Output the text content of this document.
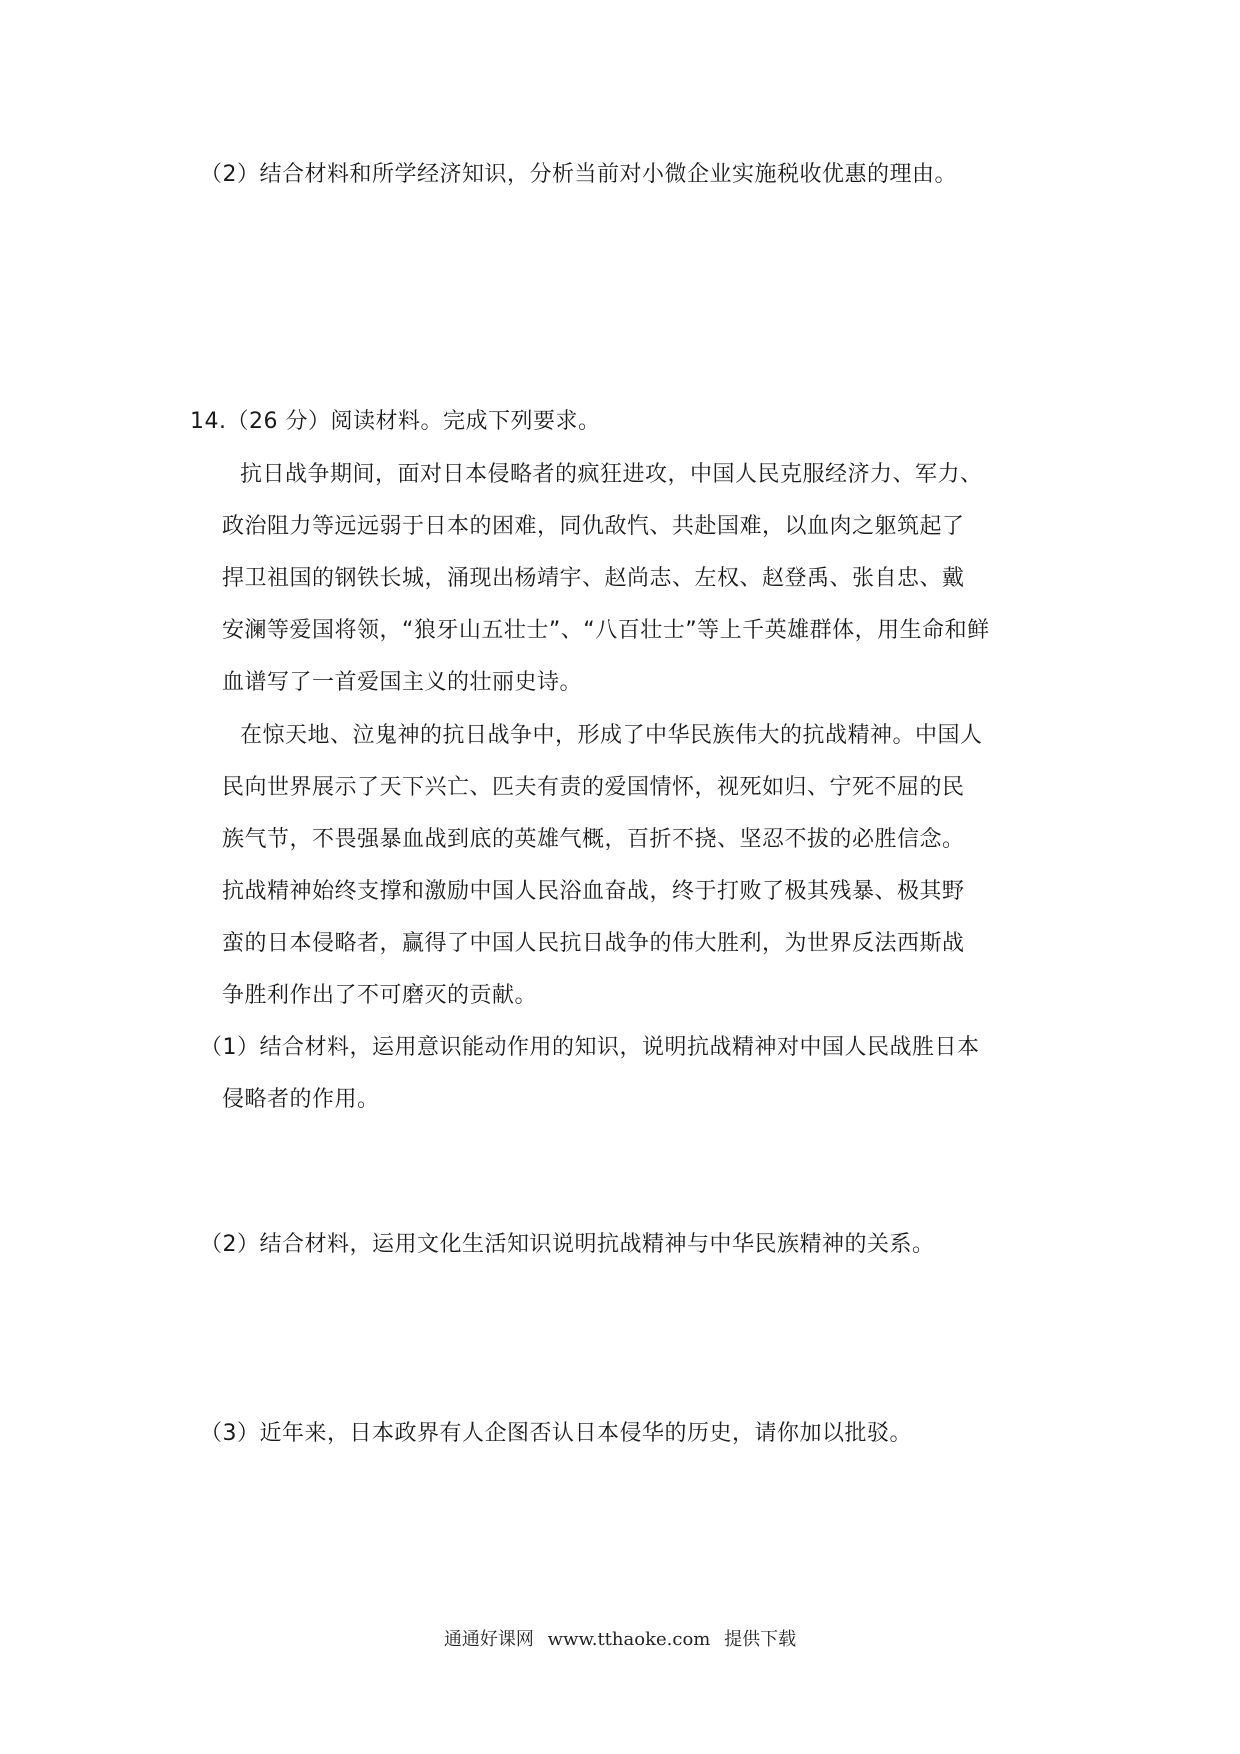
（2）结合材料和所学经济知识，分析当前对小微企业实施税收优惠的理由。
14.（26 分）阅读材料。完成下列要求。
抗日战争期间，面对日本侵略者的疯狂进攻，中国人民克服经济力、军力、
政治阻力等远远弱于日本的困难，同仇敌忾、共赴国难，以血肉之躯筑起了
捍卫祖国的钢铁长城，涌现出杨靖宇、赵尚志、左权、赵登禹、张自忠、戴
安澜等爱国将领，“狼牙山五壮士”、“八百壮士”等上千英雄群体，用生命和鲜
血谱写了一首爱国主义的壮丽史诗。
在惊天地、泣鬼神的抗日战争中，形成了中华民族伟大的抗战精神。中国人
民向世界展示了天下兴亡、匹夫有责的爱国情怀，视死如归、宁死不屈的民
族气节，不畏强暴血战到底的英雄气概，百折不挠、坚忍不拔的必胜信念。
抗战精神始终支撑和激励中国人民浴血奋战，终于打败了极其残暴、极其野
蛮的日本侵略者，赢得了中国人民抗日战争的伟大胜利，为世界反法西斯战
争胜利作出了不可磨灭的贡献。
（1）结合材料，运用意识能动作用的知识，说明抗战精神对中国人民战胜日本
侵略者的作用。
（2）结合材料，运用文化生活知识说明抗战精神与中华民族精神的关系。
（3）近年来，日本政界有人企图否认日本侵华的历史，请你加以批驳。
通通好课网 www.tthaoke.com 提供下载
